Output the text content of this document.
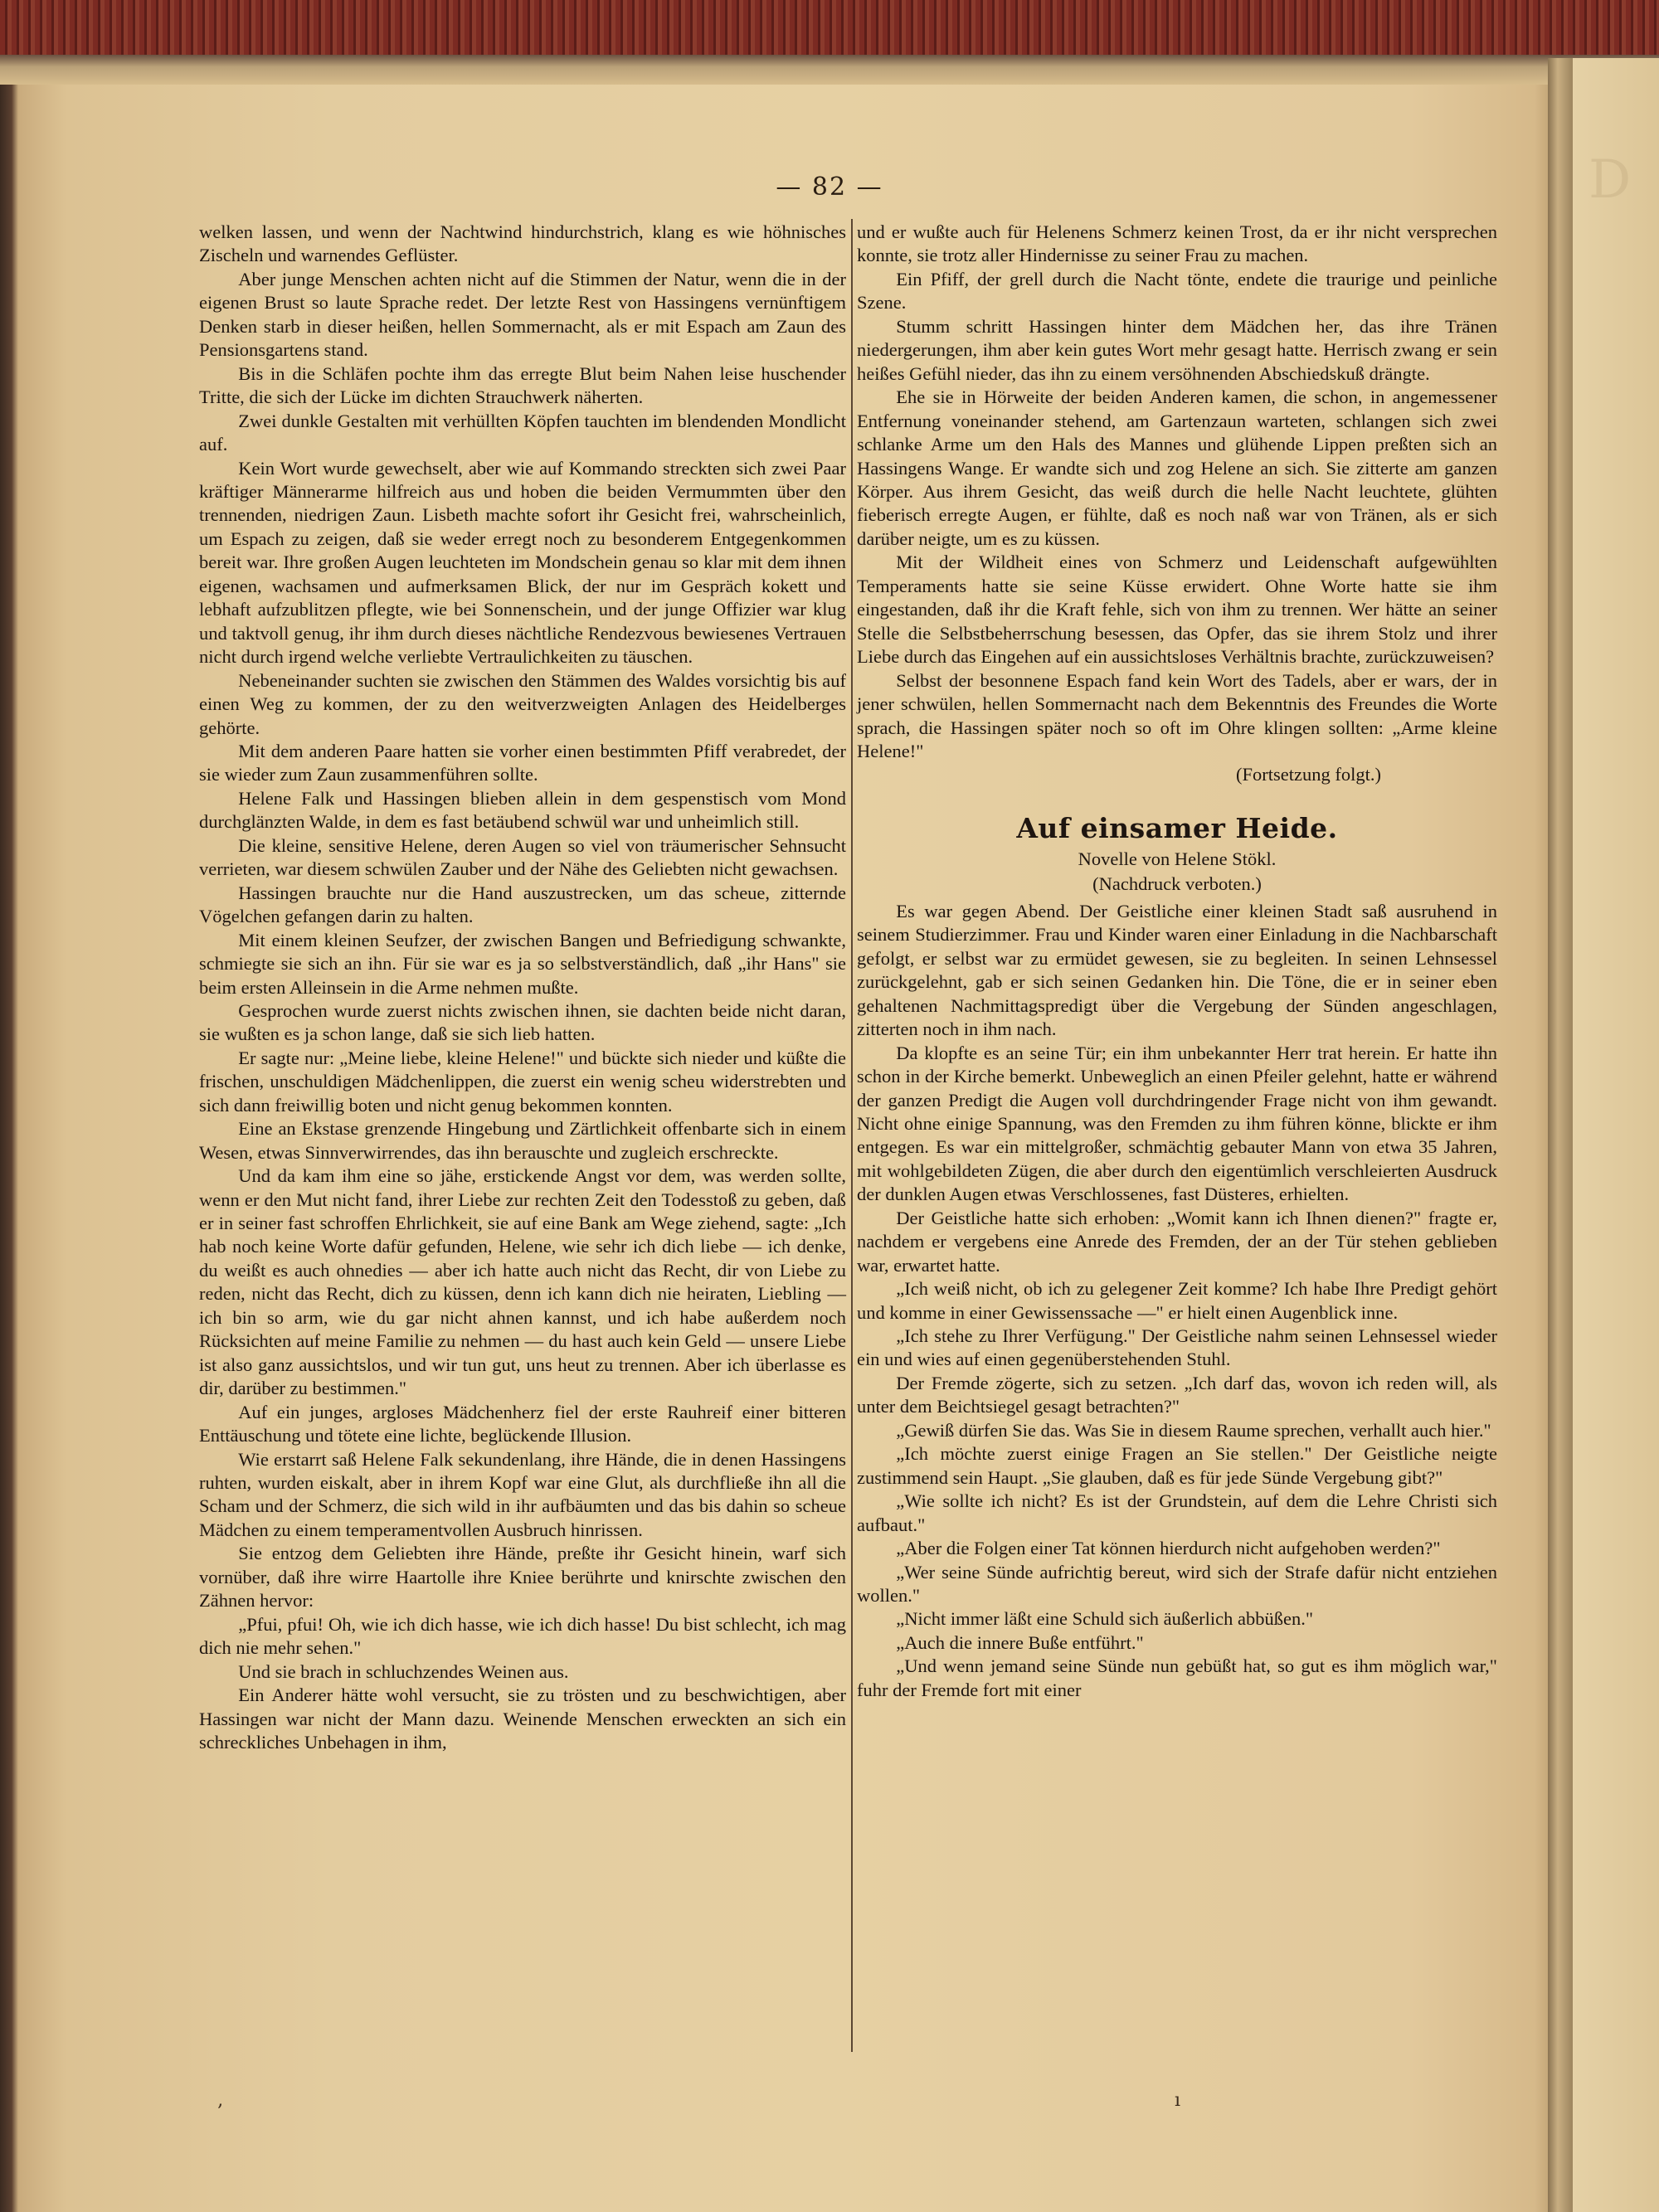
D
— 82 —

welken lassen, und wenn der Nachtwind hindurchstrich, klang es wie höhnisches Zischeln und warnendes Geflüster.

Aber junge Menschen achten nicht auf die Stimmen der Natur, wenn die in der eigenen Brust so laute Sprache redet. Der letzte Rest von Hassingens vernünftigem Denken starb in dieser heißen, hellen Sommernacht, als er mit Espach am Zaun des Pensionsgartens stand.

Bis in die Schläfen pochte ihm das erregte Blut beim Nahen leise huschender Tritte, die sich der Lücke im dichten Strauchwerk näherten.

Zwei dunkle Gestalten mit verhüllten Köpfen tauchten im blendenden Mondlicht auf.

Kein Wort wurde gewechselt, aber wie auf Kommando streckten sich zwei Paar kräftiger Männerarme hilfreich aus und hoben die beiden Vermummten über den trennenden, niedrigen Zaun. Lisbeth machte sofort ihr Gesicht frei, wahrscheinlich, um Espach zu zeigen, daß sie weder erregt noch zu besonderem Entgegenkommen bereit war. Ihre großen Augen leuchteten im Mondschein genau so klar mit dem ihnen eigenen, wachsamen und aufmerksamen Blick, der nur im Gespräch kokett und lebhaft aufzublitzen pflegte, wie bei Sonnenschein, und der junge Offizier war klug und taktvoll genug, ihr ihm durch dieses nächtliche Rendezvous bewiesenes Vertrauen nicht durch irgend welche verliebte Vertraulichkeiten zu täuschen.

Nebeneinander suchten sie zwischen den Stämmen des Waldes vorsichtig bis auf einen Weg zu kommen, der zu den weitverzweigten Anlagen des Heidelberges gehörte.

Mit dem anderen Paare hatten sie vorher einen bestimmten Pfiff verabredet, der sie wieder zum Zaun zusammenführen sollte.

Helene Falk und Hassingen blieben allein in dem gespenstisch vom Mond durchglänzten Walde, in dem es fast betäubend schwül war und unheimlich still.

Die kleine, sensitive Helene, deren Augen so viel von träumerischer Sehnsucht verrieten, war diesem schwülen Zauber und der Nähe des Geliebten nicht gewachsen.

Hassingen brauchte nur die Hand auszustrecken, um das scheue, zitternde Vögelchen gefangen darin zu halten.

Mit einem kleinen Seufzer, der zwischen Bangen und Befriedigung schwankte, schmiegte sie sich an ihn. Für sie war es ja so selbstverständlich, daß „ihr Hans" sie beim ersten Alleinsein in die Arme nehmen mußte.

Gesprochen wurde zuerst nichts zwischen ihnen, sie dachten beide nicht daran, sie wußten es ja schon lange, daß sie sich lieb hatten.

Er sagte nur: „Meine liebe, kleine Helene!" und bückte sich nieder und küßte die frischen, unschuldigen Mädchenlippen, die zuerst ein wenig scheu widerstrebten und sich dann freiwillig boten und nicht genug bekommen konnten.

Eine an Ekstase grenzende Hingebung und Zärtlichkeit offenbarte sich in einem Wesen, etwas Sinnverwirrendes, das ihn berauschte und zugleich erschreckte.

Und da kam ihm eine so jähe, erstickende Angst vor dem, was werden sollte, wenn er den Mut nicht fand, ihrer Liebe zur rechten Zeit den Todesstoß zu geben, daß er in seiner fast schroffen Ehrlichkeit, sie auf eine Bank am Wege ziehend, sagte: „Ich hab noch keine Worte dafür gefunden, Helene, wie sehr ich dich liebe — ich denke, du weißt es auch ohnedies — aber ich hatte auch nicht das Recht, dir von Liebe zu reden, nicht das Recht, dich zu küssen, denn ich kann dich nie heiraten, Liebling — ich bin so arm, wie du gar nicht ahnen kannst, und ich habe außerdem noch Rücksichten auf meine Familie zu nehmen — du hast auch kein Geld — unsere Liebe ist also ganz aussichtslos, und wir tun gut, uns heut zu trennen. Aber ich überlasse es dir, darüber zu bestimmen."

Auf ein junges, argloses Mädchenherz fiel der erste Rauhreif einer bitteren Enttäuschung und tötete eine lichte, beglückende Illusion.

Wie erstarrt saß Helene Falk sekundenlang, ihre Hände, die in denen Hassingens ruhten, wurden eiskalt, aber in ihrem Kopf war eine Glut, als durchfließe ihn all die Scham und der Schmerz, die sich wild in ihr aufbäumten und das bis dahin so scheue Mädchen zu einem temperamentvollen Ausbruch hinrissen.

Sie entzog dem Geliebten ihre Hände, preßte ihr Gesicht hinein, warf sich vornüber, daß ihre wirre Haartolle ihre Kniee berührte und knirschte zwischen den Zähnen hervor:

„Pfui, pfui! Oh, wie ich dich hasse, wie ich dich hasse! Du bist schlecht, ich mag dich nie mehr sehen."

Und sie brach in schluchzendes Weinen aus.

Ein Anderer hätte wohl versucht, sie zu trösten und zu beschwichtigen, aber Hassingen war nicht der Mann dazu. Weinende Menschen erweckten an sich ein schreckliches Unbehagen in ihm,

und er wußte auch für Helenens Schmerz keinen Trost, da er ihr nicht versprechen konnte, sie trotz aller Hindernisse zu seiner Frau zu machen.

Ein Pfiff, der grell durch die Nacht tönte, endete die traurige und peinliche Szene.

Stumm schritt Hassingen hinter dem Mädchen her, das ihre Tränen niedergerungen, ihm aber kein gutes Wort mehr gesagt hatte. Herrisch zwang er sein heißes Gefühl nieder, das ihn zu einem versöhnenden Abschiedskuß drängte.

Ehe sie in Hörweite der beiden Anderen kamen, die schon, in angemessener Entfernung voneinander stehend, am Gartenzaun warteten, schlangen sich zwei schlanke Arme um den Hals des Mannes und glühende Lippen preßten sich an Hassingens Wange. Er wandte sich und zog Helene an sich. Sie zitterte am ganzen Körper. Aus ihrem Gesicht, das weiß durch die helle Nacht leuchtete, glühten fieberisch erregte Augen, er fühlte, daß es noch naß war von Tränen, als er sich darüber neigte, um es zu küssen.

Mit der Wildheit eines von Schmerz und Leidenschaft aufgewühlten Temperaments hatte sie seine Küsse erwidert. Ohne Worte hatte sie ihm eingestanden, daß ihr die Kraft fehle, sich von ihm zu trennen. Wer hätte an seiner Stelle die Selbstbeherrschung besessen, das Opfer, das sie ihrem Stolz und ihrer Liebe durch das Eingehen auf ein aussichtsloses Verhältnis brachte, zurückzuweisen?

Selbst der besonnene Espach fand kein Wort des Tadels, aber er wars, der in jener schwülen, hellen Sommernacht nach dem Bekenntnis des Freundes die Worte sprach, die Hassingen später noch so oft im Ohre klingen sollten: „Arme kleine Helene!"

(Fortsetzung folgt.)

Auf einsamer Heide.

Novelle von Helene Stökl.

(Nachdruck verboten.)

Es war gegen Abend. Der Geistliche einer kleinen Stadt saß ausruhend in seinem Studierzimmer. Frau und Kinder waren einer Einladung in die Nachbarschaft gefolgt, er selbst war zu ermüdet gewesen, sie zu begleiten. In seinen Lehnsessel zurückgelehnt, gab er sich seinen Gedanken hin. Die Töne, die er in seiner eben gehaltenen Nachmittagspredigt über die Vergebung der Sünden angeschlagen, zitterten noch in ihm nach.

Da klopfte es an seine Tür; ein ihm unbekannter Herr trat herein. Er hatte ihn schon in der Kirche bemerkt. Unbeweglich an einen Pfeiler gelehnt, hatte er während der ganzen Predigt die Augen voll durchdringender Frage nicht von ihm gewandt. Nicht ohne einige Spannung, was den Fremden zu ihm führen könne, blickte er ihm entgegen. Es war ein mittelgroßer, schmächtig gebauter Mann von etwa 35 Jahren, mit wohlgebildeten Zügen, die aber durch den eigentümlich verschleierten Ausdruck der dunklen Augen etwas Verschlossenes, fast Düsteres, erhielten.

Der Geistliche hatte sich erhoben: „Womit kann ich Ihnen dienen?" fragte er, nachdem er vergebens eine Anrede des Fremden, der an der Tür stehen geblieben war, erwartet hatte.

„Ich weiß nicht, ob ich zu gelegener Zeit komme? Ich habe Ihre Predigt gehört und komme in einer Gewissenssache —" er hielt einen Augenblick inne.

„Ich stehe zu Ihrer Verfügung." Der Geistliche nahm seinen Lehnsessel wieder ein und wies auf einen gegenüberstehenden Stuhl.

Der Fremde zögerte, sich zu setzen. „Ich darf das, wovon ich reden will, als unter dem Beichtsiegel gesagt betrachten?"

„Gewiß dürfen Sie das. Was Sie in diesem Raume sprechen, verhallt auch hier."

„Ich möchte zuerst einige Fragen an Sie stellen." Der Geistliche neigte zustimmend sein Haupt. „Sie glauben, daß es für jede Sünde Vergebung gibt?"

„Wie sollte ich nicht? Es ist der Grundstein, auf dem die Lehre Christi sich aufbaut."

„Aber die Folgen einer Tat können hierdurch nicht aufgehoben werden?"

„Wer seine Sünde aufrichtig bereut, wird sich der Strafe dafür nicht entziehen wollen."

„Nicht immer läßt eine Schuld sich äußerlich abbüßen."

„Auch die innere Buße entführt."

„Und wenn jemand seine Sünde nun gebüßt hat, so gut es ihm möglich war," fuhr der Fremde fort mit einer

‚	ı
